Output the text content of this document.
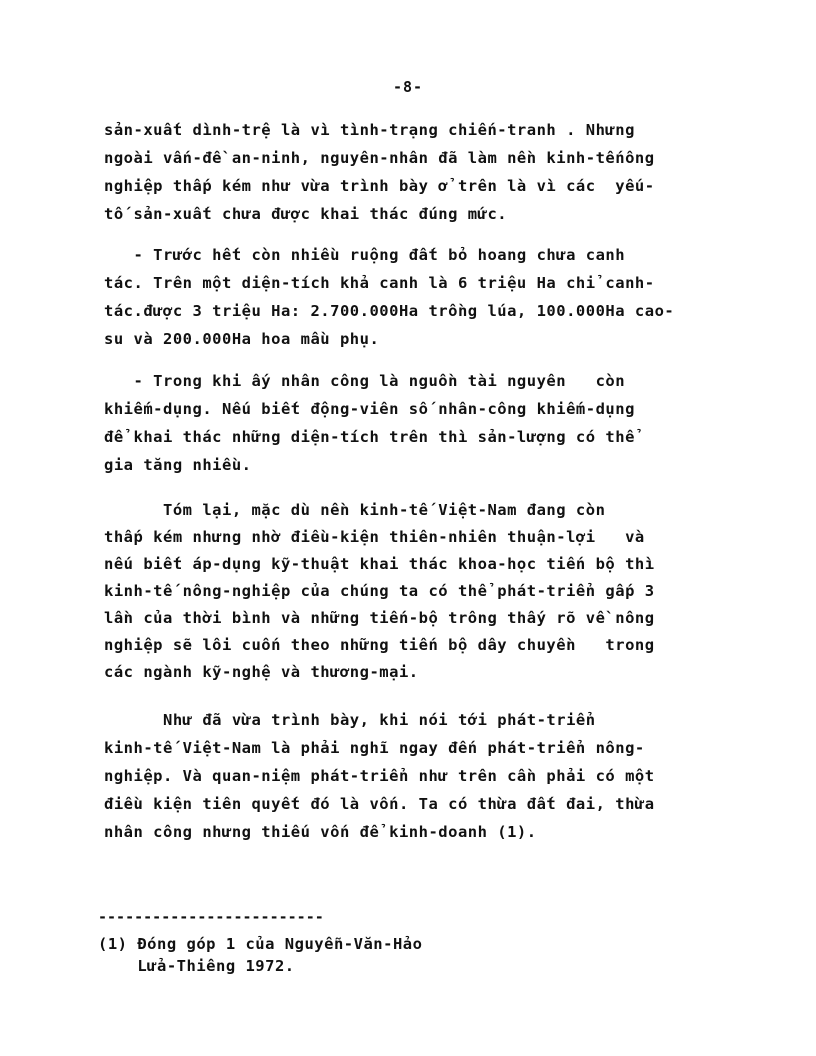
-8-
sản-xuất dình-trệ là vì tình-trạng chiến-tranh . Nhưng
ngoài vấn-đề an-ninh, nguyên-nhân đã làm nền kinh-tếnông
nghiệp thấp kém như vừa trình bày ở trên là vì các  yếu-
tố sản-xuất chưa được khai thác đúng mức.
- Trước hết còn nhiều ruộng đất bỏ hoang chưa canh
tác. Trên một diện-tích khả canh là 6 triệu Ha chỉ canh-
tác.được 3 triệu Ha: 2.700.000Ha trồng lúa, 100.000Ha cao-
su và 200.000Ha hoa mầu phụ.
- Trong khi ấy nhân công là nguồn tài nguyên   còn
khiếm-dụng. Nếu biết động-viên số nhân-công khiếm-dụng
để khai thác những diện-tích trên thì sản-lượng có thể
gia tăng nhiều.
Tóm lại, mặc dù nền kinh-tế Việt-Nam đang còn
thấp kém nhưng nhờ điều-kiện thiên-nhiên thuận-lợi   và
nếu biết áp-dụng kỹ-thuật khai thác khoa-học tiến bộ thì
kinh-tế nông-nghiệp của chúng ta có thể phát-triển gấp 3
lần của thời bình và những tiến-bộ trông thấy rõ về nông
nghiệp sẽ lôi cuốn theo những tiến bộ dây chuyền   trong
các ngành kỹ-nghệ và thương-mại.
Như đã vừa trình bày, khi nói tới phát-triển
kinh-tế Việt-Nam là phải nghĩ ngay đến phát-triển nông-
nghiệp. Và quan-niệm phát-triển như trên cần phải có một
điều kiện tiên quyết đó là vốn. Ta có thừa đất đai, thừa
nhân công nhưng thiếu vốn để kinh-doanh (1).
-------------------------
(1) Đóng góp 1 của Nguyễn-Văn-Hảo
Lửa-Thiêng 1972.
